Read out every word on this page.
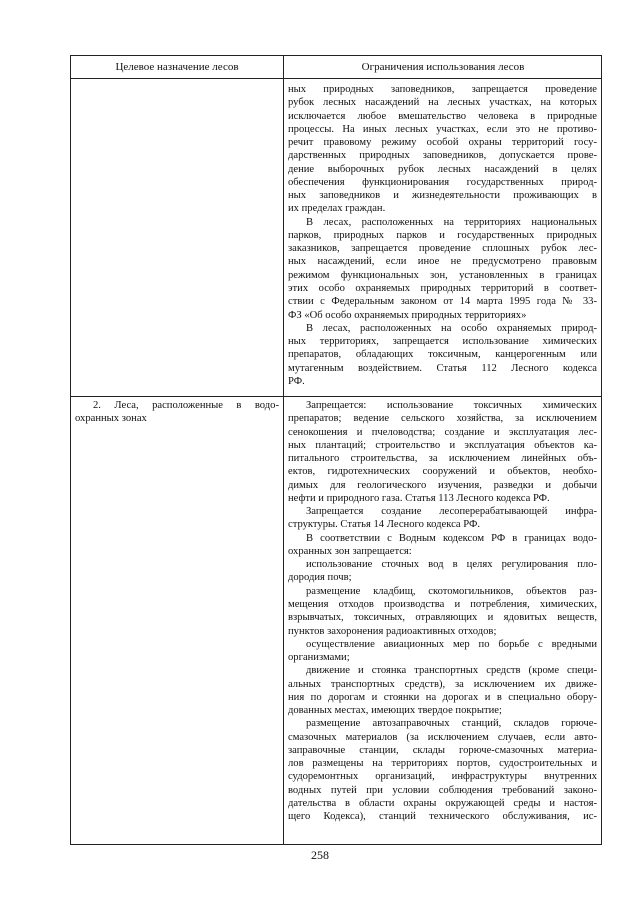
Целевое назначение лесов	Ограничения использования лесов
ных природных заповедников, запрещается проведение
рубок лесных насаждений на лесных участках, на которых
исключается любое вмешательство человека в природные
процессы. На иных лесных участках, если это не противо-
речит правовому режиму особой охраны территорий госу-
дарственных природных заповедников, допускается прове-
дение выборочных рубок лесных насаждений в целях
обеспечения функционирования государственных природ-
ных заповедников и жизнедеятельности проживающих в
их пределах граждан.
В лесах, расположенных на территориях национальных
парков, природных парков и государственных природных
заказников, запрещается проведение сплошных рубок лес-
ных насаждений, если иное не предусмотрено правовым
режимом функциональных зон, установленных в границах
этих особо охраняемых природных территорий в соответ-
ствии с Федеральным законом от 14 марта 1995 года № 33-
ФЗ «Об особо охраняемых природных территориях»
В лесах, расположенных на особо охраняемых природ-
ных территориях, запрещается использование химических
препаратов, обладающих токсичным, канцерогенным или
мутагенным воздействием. Статья 112 Лесного кодекса
РФ.
2. Леса, расположенные в водо-
охранных зонах
Запрещается: использование токсичных химических
препаратов; ведение сельского хозяйства, за исключением
сенокошения и пчеловодства; создание и эксплуатация лес-
ных плантаций; строительство и эксплуатация объектов ка-
питального строительства, за исключением линейных объ-
ектов, гидротехнических сооружений и объектов, необхо-
димых для геологического изучения, разведки и добычи
нефти и природного газа. Статья 113 Лесного кодекса РФ.
Запрещается создание лесоперерабатывающей инфра-
структуры. Статья 14 Лесного кодекса РФ.
В соответствии с Водным кодексом РФ в границах водо-
охранных зон запрещается:
использование сточных вод в целях регулирования пло-
дородия почв;
размещение кладбищ, скотомогильников, объектов раз-
мещения отходов производства и потребления, химических,
взрывчатых, токсичных, отравляющих и ядовитых веществ,
пунктов захоронения радиоактивных отходов;
осуществление авиационных мер по борьбе с вредными
организмами;
движение и стоянка транспортных средств (кроме специ-
альных транспортных средств), за исключением их движе-
ния по дорогам и стоянки на дорогах и в специально обору-
дованных местах, имеющих твердое покрытие;
размещение автозаправочных станций, складов горюче-
смазочных материалов (за исключением случаев, если авто-
заправочные станции, склады горюче-смазочных материа-
лов размещены на территориях портов, судостроительных и
судоремонтных организаций, инфраструктуры внутренних
водных путей при условии соблюдения требований законо-
дательства в области охраны окружающей среды и настоя-
щего Кодекса), станций технического обслуживания, ис-
258
